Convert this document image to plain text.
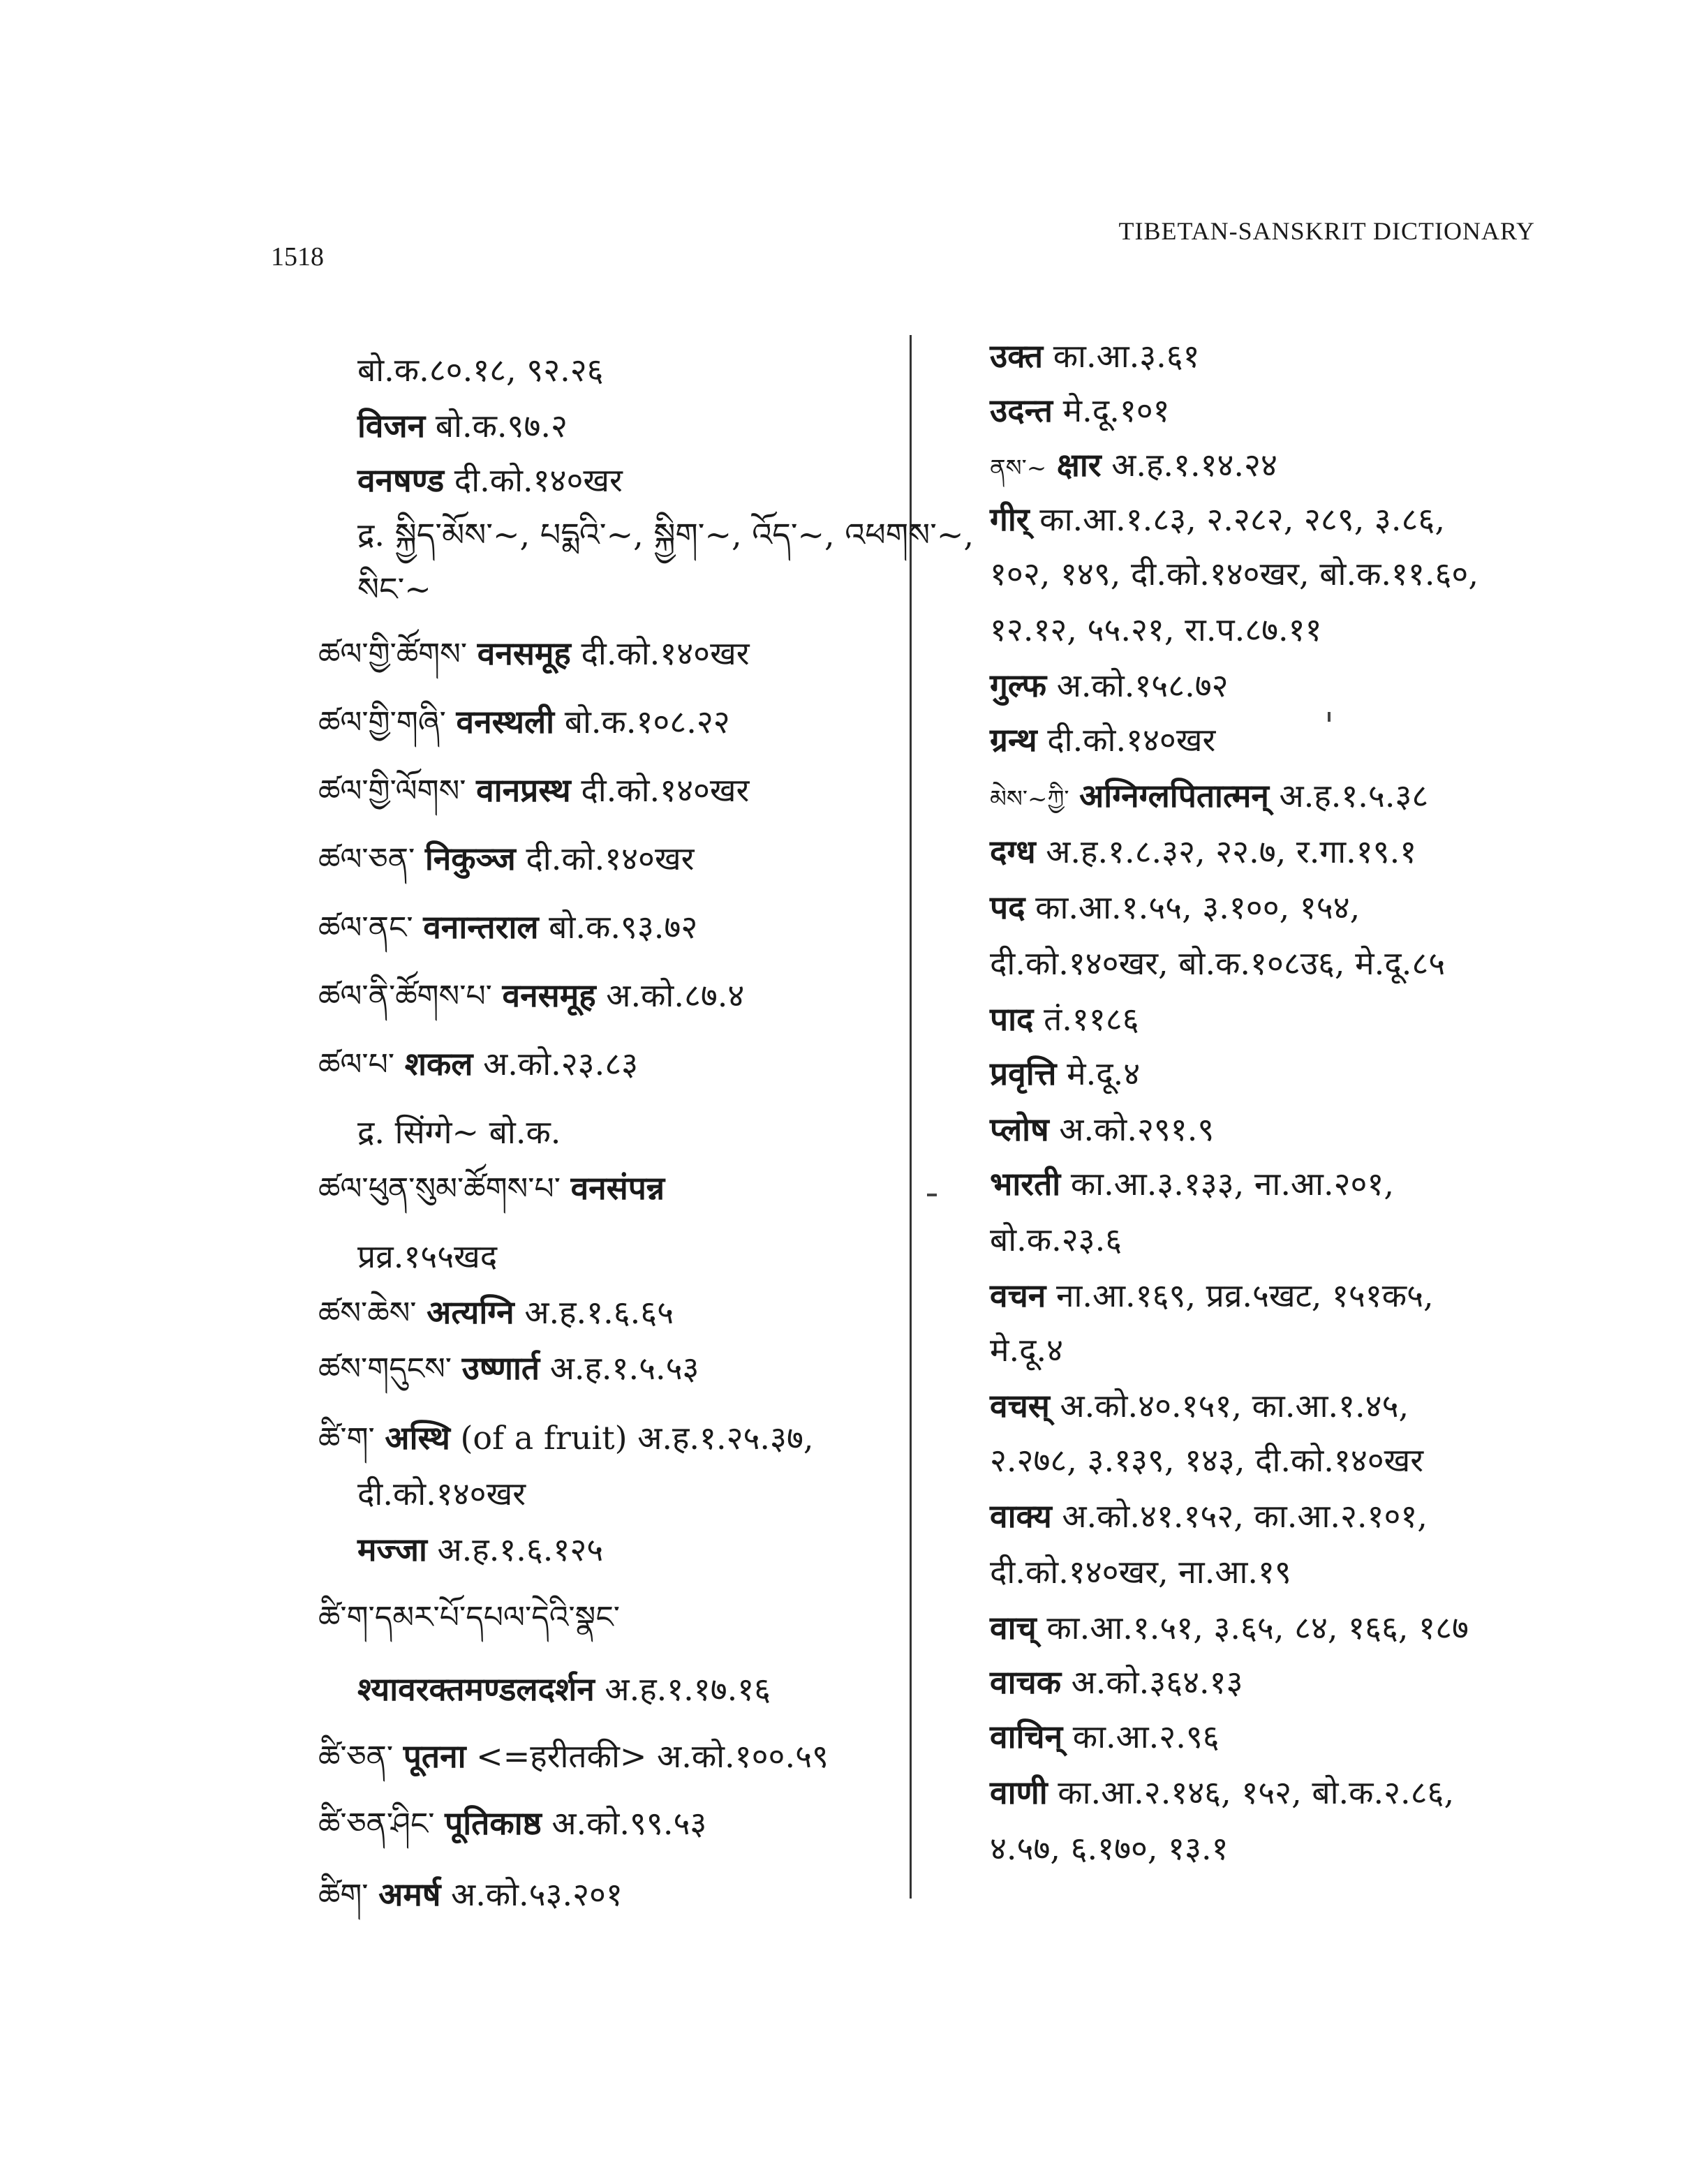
1518
TIBETAN-SANSKRIT DICTIONARY
बो.क.८०.१८, ९२.२६
विजन बो.क.९७.२
वनषण्ड दी.को.१४०खर
द्र. སྐྱིད་མོས་~, པདྨའི་~, སྐྱིག་~, འོད་~, འཕགས་~,
སིང་~
ཚལ་གྱི་ཚོགས་ वनसमूह दी.को.१४०खर
ཚལ་གྱི་གཞི་ वनस्थली बो.क.१०८.२२
ཚལ་གྱི་ལོགས་ वानप्रस्थ दी.को.१४०खर
ཚལ་ཅན་ निकुञ्ज दी.को.१४०खर
ཚལ་ནང་ वनान्तराल बो.क.९३.७२
ཚལ་ནི་ཚོགས་པ་ वनसमूह अ.को.८७.४
ཚལ་པ་ शकल अ.को.२३.८३
द्र. सिंग्गे~ बो.क.
ཚལ་ཕུན་སུམ་ཚོགས་པ་ वनसंपन्न
प्रव्र.१५५खद
ཚས་ཆེས་ अत्यग्नि अ.ह.१.६.६५
ཚས་གདུངས་ उष्णार्त अ.ह.१.५.५३
ཚི་ག་ अस्थि (of a fruit) अ.ह.१.२५.३७,
दी.को.१४०खर
मज्जा अ.ह.१.६.१२५
ཚི་ག་དམར་པོ་དཔལ་དེའི་སྣང་
श्यावरक्तमण्डलदर्शन अ.ह.१.१७.१६
ཚི་ཅན་ पूतना <=हरीतकी> अ.को.१००.५९
ཚི་ཅན་ཤིང་ पूतिकाष्ठ अ.को.९९.५३
ཚིག་ अमर्ष अ.को.५३.२०१
उक्त का.आ.३.६१
उदन्त मे.दू.१०१
ནས་~ क्षार अ.ह.१.१४.२४
गीर् का.आ.१.८३, २.२८२, २८९, ३.८६,
१०२, १४९, दी.को.१४०खर, बो.क.११.६०,
१२.१२, ५५.२१, रा.प.८७.११
गुल्फ अ.को.१५८.७२
ग्रन्थ दी.को.१४०खर
མེས་~ཀྱི་ अग्निग्लपितात्मन् अ.ह.१.५.३८
दग्ध अ.ह.१.८.३२, २२.७, र.गा.१९.१
पद का.आ.१.५५, ३.१००, १५४,
दी.को.१४०खर, बो.क.१०८उ६, मे.दू.८५
पाद तं.११८६
प्रवृत्ति मे.दू.४
प्लोष अ.को.२९१.९
भारती का.आ.३.१३३, ना.आ.२०१,
बो.क.२३.६
वचन ना.आ.१६९, प्रव्र.५खट, १५१क५,
मे.दू.४
वचस् अ.को.४०.१५१, का.आ.१.४५,
२.२७८, ३.१३९, १४३, दी.को.१४०खर
वाक्य अ.को.४१.१५२, का.आ.२.१०१,
दी.को.१४०खर, ना.आ.१९
वाच् का.आ.१.५१, ३.६५, ८४, १६६, १८७
वाचक अ.को.३६४.१३
वाचिन् का.आ.२.९६
वाणी का.आ.२.१४६, १५२, बो.क.२.८६,
४.५७, ६.१७०, १३.१
